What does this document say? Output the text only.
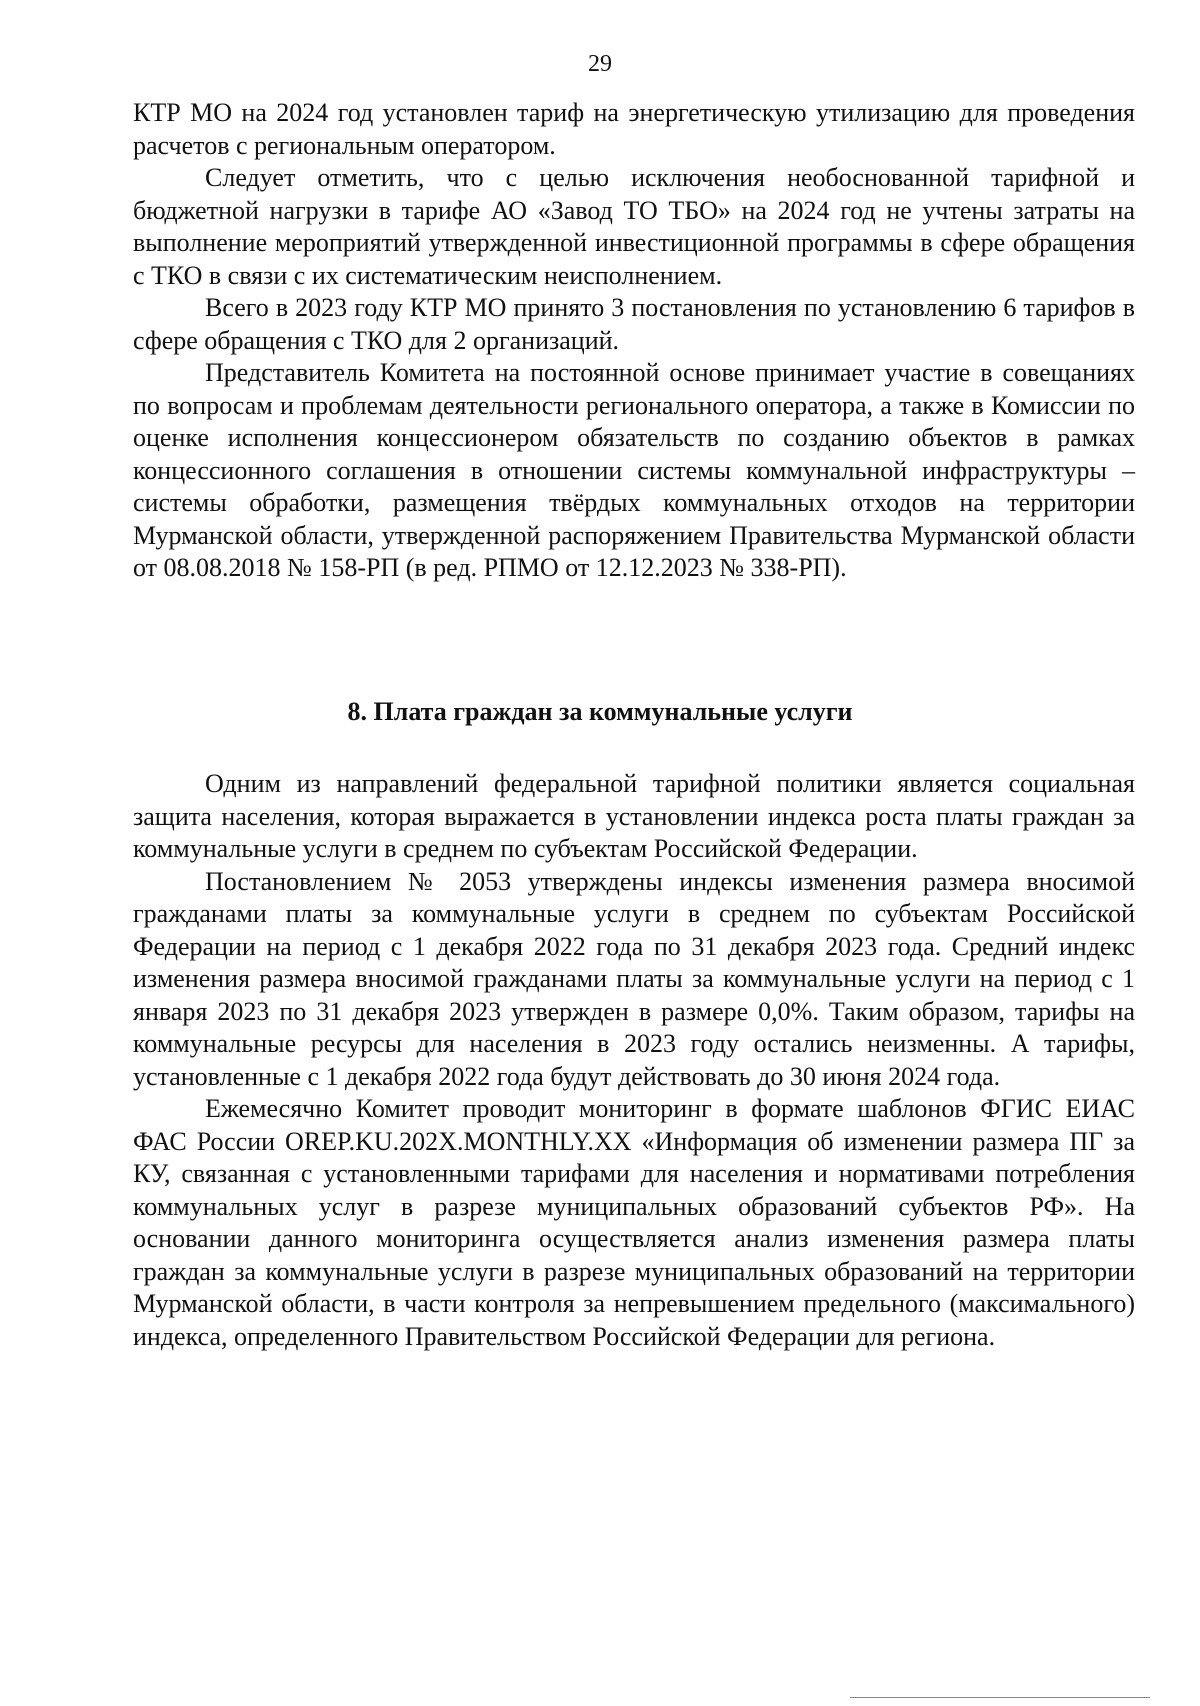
29

КТР МО на 2024 год установлен тариф на энергетическую утилизацию для проведения расчетов с региональным оператором.

Следует отметить, что с целью исключения необоснованной тарифной и бюджетной нагрузки в тарифе АО «Завод ТО ТБО» на 2024 год не учтены затраты на выполнение мероприятий утвержденной инвестиционной программы в сфере обращения с ТКО в связи с их систематическим неисполнением.

Всего в 2023 году КТР МО принято 3 постановления по установлению 6 тарифов в сфере обращения с ТКО для 2 организаций.

Представитель Комитета на постоянной основе принимает участие в совещаниях по вопросам и проблемам деятельности регионального оператора, а также в Комиссии по оценке исполнения концессионером обязательств по созданию объектов в рамках концессионного соглашения в отношении системы коммунальной инфраструктуры – системы обработки, размещения твёрдых коммунальных отходов на территории Мурманской области, утвержденной распоряжением Правительства Мурманской области от 08.08.2018 № 158-РП (в ред. РПМО от 12.12.2023 № 338-РП).

8. Плата граждан за коммунальные услуги

Одним из направлений федеральной тарифной политики является социальная защита населения, которая выражается в установлении индекса роста платы граждан за коммунальные услуги в среднем по субъектам Российской Федерации.

Постановлением № 2053 утверждены индексы изменения размера вносимой гражданами платы за коммунальные услуги в среднем по субъектам Российской Федерации на период с 1 декабря 2022 года по 31 декабря 2023 года. Средний индекс изменения размера вносимой гражданами платы за коммунальные услуги на период с 1 января 2023 по 31 декабря 2023 утвержден в размере 0,0%. Таким образом, тарифы на коммунальные ресурсы для населения в 2023 году остались неизменны. А тарифы, установленные с 1 декабря 2022 года будут действовать до 30 июня 2024 года.

Ежемесячно Комитет проводит мониторинг в формате шаблонов ФГИС ЕИАС ФАС России OREP.KU.202X.MONTHLY.XX «Информация об изменении размера ПГ за КУ, связанная с установленными тарифами для населения и нормативами потребления коммунальных услуг в разрезе муниципальных образований субъектов РФ». На основании данного мониторинга осуществляется анализ изменения размера платы граждан за коммунальные услуги в разрезе муниципальных образований на территории Мурманской области, в части контроля за непревышением предельного (максимального) индекса, определенного Правительством Российской Федерации для региона.
